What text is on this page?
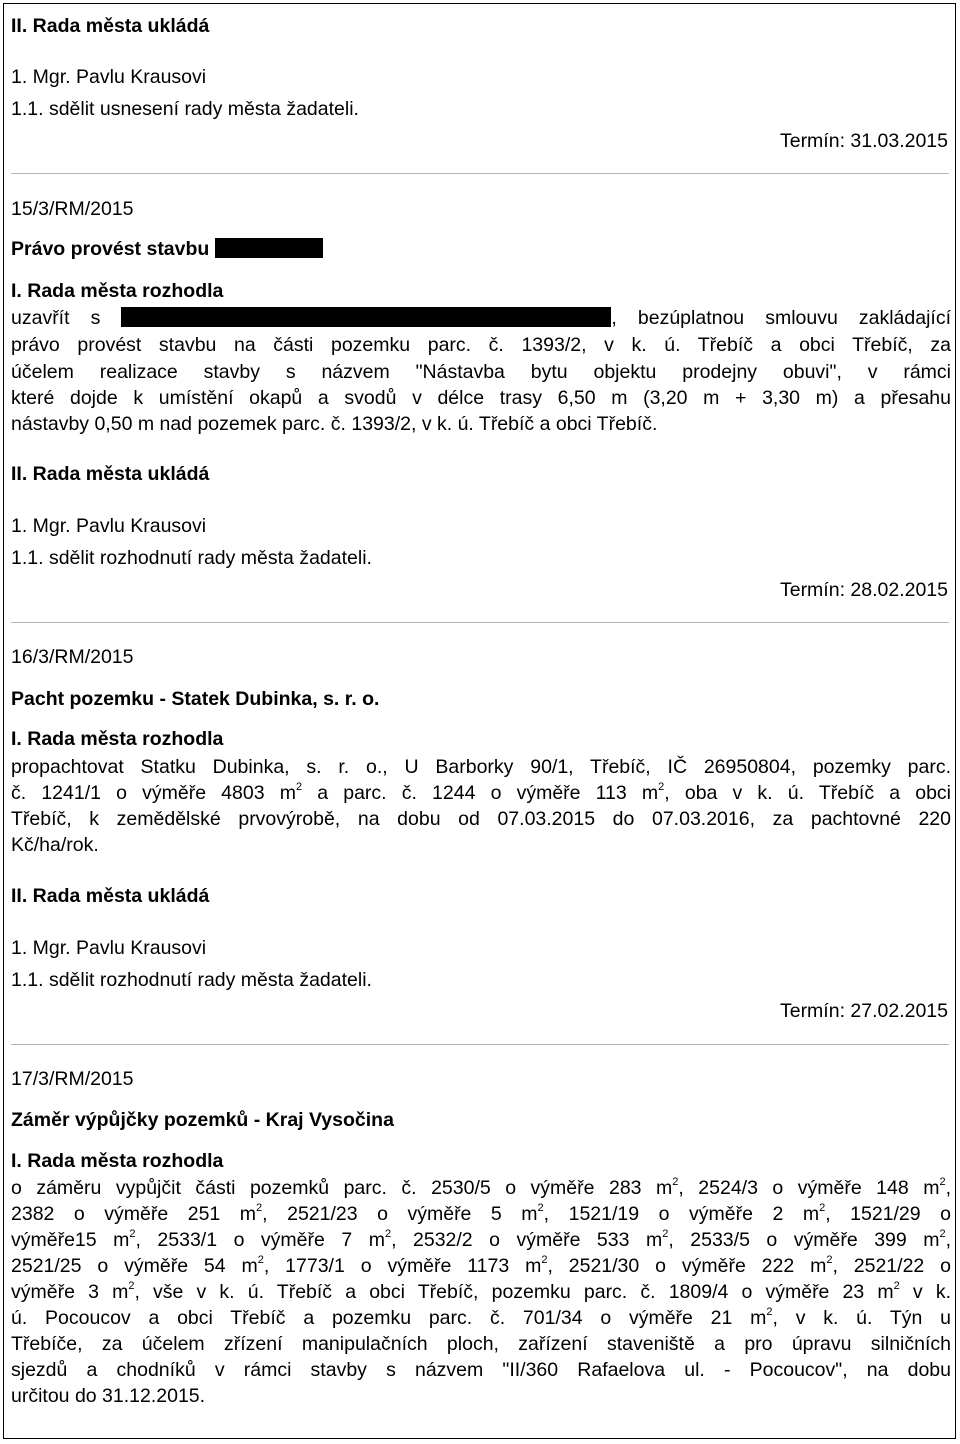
II. Rada města ukládá
1. Mgr. Pavlu Krausovi
1.1. sdělit usnesení rady města žadateli.
Termín: 31.03.2015
15/3/RM/2015
Právo provést stavbu
I. Rada města rozhodla
uzavřít s	, bezúplatnou smlouvu zakládající
právo provést stavbu na části pozemku parc. č. 1393/2, v k. ú. Třebíč a obci Třebíč, za
účelem realizace stavby s názvem "Nástavba bytu objektu prodejny obuvi", v rámci
které dojde k umístění okapů a svodů v délce trasy 6,50 m (3,20 m + 3,30 m) a přesahu
nástavby 0,50 m nad pozemek parc. č. 1393/2, v k. ú. Třebíč a obci Třebíč.
II. Rada města ukládá
1. Mgr. Pavlu Krausovi
1.1. sdělit rozhodnutí rady města žadateli.
Termín: 28.02.2015
16/3/RM/2015
Pacht pozemku - Statek Dubinka, s. r. o.
I. Rada města rozhodla
propachtovat Statku Dubinka, s. r. o., U Barborky 90/1, Třebíč, IČ 26950804, pozemky parc.
č. 1241/1 o výměře 4803 $m^2$ a parc. č. 1244 o výměře 113 $m^2$, oba v k. ú. Třebíč a obci
Třebíč, k zemědělské prvovýrobě, na dobu od 07.03.2015 do 07.03.2016, za pachtovné 220
Kč/ha/rok.
II. Rada města ukládá
1. Mgr. Pavlu Krausovi
1.1. sdělit rozhodnutí rady města žadateli.
Termín: 27.02.2015
17/3/RM/2015
Záměr výpůjčky pozemků - Kraj Vysočina
I. Rada města rozhodla
o záměru vypůjčit části pozemků parc. č. 2530/5 o výměře 283 $m^2$, 2524/3 o výměře 148 $m^2$,
2382 o výměře 251 $m^2$, 2521/23 o výměře 5 $m^2$, 1521/19 o výměře 2 $m^2$, 1521/29 o
výměře15 $m^2$, 2533/1 o výměře 7 $m^2$, 2532/2 o výměře 533 $m^2$, 2533/5 o výměře 399 $m^2$,
2521/25 o výměře 54 $m^2$, 1773/1 o výměře 1173 $m^2$, 2521/30 o výměře 222 $m^2$, 2521/22 o
výměře 3 $m^2$, vše v k. ú. Třebíč a obci Třebíč, pozemku parc. č. 1809/4 o výměře 23 $m^2$ v k.
ú. Pocoucov a obci Třebíč a pozemku parc. č. 701/34 o výměře 21 $m^2$, v k. ú. Týn u
Třebíče, za účelem zřízení manipulačních ploch, zařízení staveniště a pro úpravu silničních
sjezdů a chodníků v rámci stavby s názvem "II/360 Rafaelova ul. - Pocoucov", na dobu
určitou do 31.12.2015.
